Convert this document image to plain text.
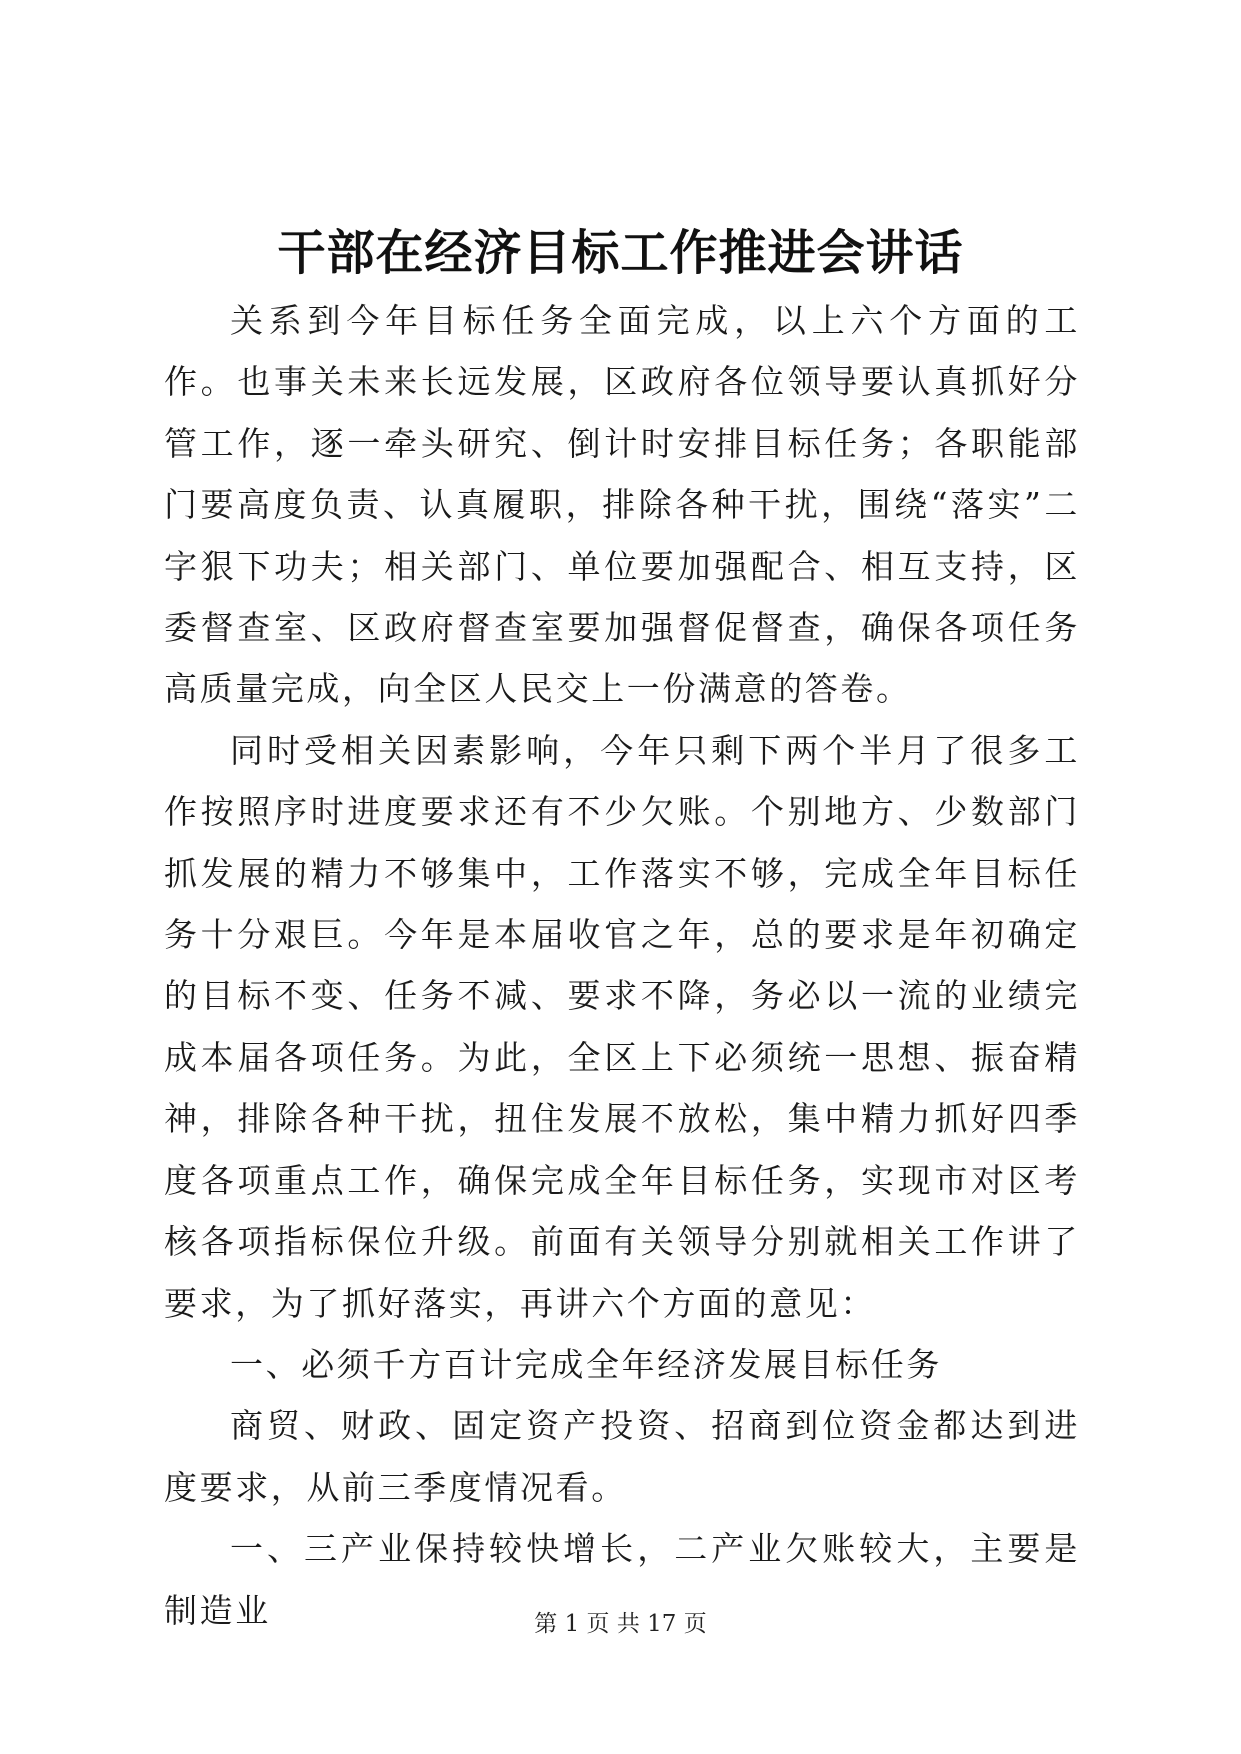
干部在经济目标工作推进会讲话

关系到今年目标任务全面完成，以上六个方面的工作。也事关未来长远发展，区政府各位领导要认真抓好分管工作，逐一牵头研究、倒计时安排目标任务；各职能部门要高度负责、认真履职，排除各种干扰，围绕“落实”二字狠下功夫；相关部门、单位要加强配合、相互支持，区委督查室、区政府督查室要加强督促督查，确保各项任务高质量完成，向全区人民交上一份满意的答卷。

同时受相关因素影响，今年只剩下两个半月了很多工作按照序时进度要求还有不少欠账。个别地方、少数部门抓发展的精力不够集中，工作落实不够，完成全年目标任务十分艰巨。今年是本届收官之年，总的要求是年初确定的目标不变、任务不减、要求不降，务必以一流的业绩完成本届各项任务。为此，全区上下必须统一思想、振奋精神，排除各种干扰，扭住发展不放松，集中精力抓好四季度各项重点工作，确保完成全年目标任务，实现市对区考核各项指标保位升级。前面有关领导分别就相关工作讲了要求，为了抓好落实，再讲六个方面的意见：

一、必须千方百计完成全年经济发展目标任务

商贸、财政、固定资产投资、招商到位资金都达到进度要求，从前三季度情况看。

一、三产业保持较快增长，二产业欠账较大，主要是制造业	第 1 页 共 17 页
